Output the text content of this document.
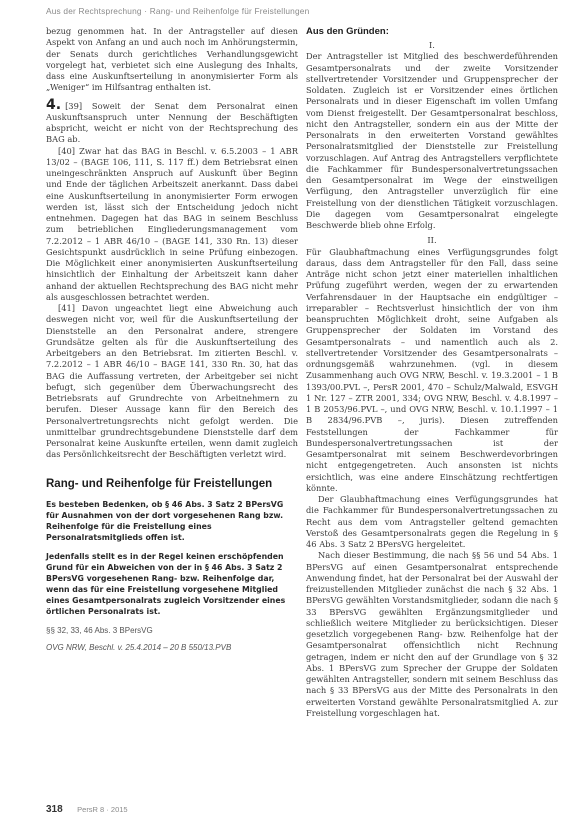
Aus der Rechtsprechung · Rang- und Reihenfolge für Freistellungen

bezug genommen hat. In der Antragsteller auf diesen Aspekt von Anfang an und auch noch im Anhörungstermin, der Senats durch gerichtliches Verhandlungsgewicht vorgelegt hat, verbietet sich eine Auslegung des Inhalts, dass eine Auskunftserteilung in anonymisierter Form als „Weniger“ im Hilfsantrag enthalten ist.

4. [39] Soweit der Senat dem Personalrat einen Auskunftsanspruch unter Nennung der Beschäftigten abspricht, weicht er nicht von der Rechtsprechung des BAG ab.

[40] Zwar hat das BAG in Beschl. v. 6.5.2003 – 1 ABR 13/02 – (BAGE 106, 111, S. 117 ff.) dem Betriebsrat einen uneingeschränkten Anspruch auf Auskunft über Beginn und Ende der täglichen Arbeitszeit anerkannt. Dass dabei eine Auskunftserteilung in anonymisierter Form erwogen werden ist, lässt sich der Entscheidung jedoch nicht entnehmen. Dagegen hat das BAG in seinem Beschluss zum betrieblichen Eingliederungsmanagement vom 7.2.2012 – 1 ABR 46/10 – (BAGE 141, 330 Rn. 13) dieser Gesichtspunkt ausdrücklich in seine Prüfung einbezogen. Die Möglichkeit einer anonymisierten Auskunftserteilung hinsichtlich der Einhaltung der Arbeitszeit kann daher anhand der aktuellen Rechtsprechung des BAG nicht mehr als ausgeschlossen betrachtet werden.

[41] Davon ungeachtet liegt eine Abweichung auch deswegen nicht vor, weil für die Auskunftserteilung der Dienststelle an den Personalrat andere, strengere Grundsätze gelten als für die Auskunftserteilung des Arbeitgebers an den Betriebsrat. Im zitierten Beschl. v. 7.2.2012 – 1 ABR 46/10 – BAGE 141, 330 Rn. 30, hat das BAG die Auffassung vertreten, der Arbeitgeber sei nicht befugt, sich gegenüber dem Überwachungsrecht des Betriebsrats auf Grundrechte von Arbeitnehmern zu berufen. Dieser Aussage kann für den Bereich des Personalvertretungsrechts nicht gefolgt werden. Die unmittelbar grundrechtsgebundene Dienststelle darf dem Personalrat keine Auskunfte erteilen, wenn damit zugleich das Persönlichkeitsrecht der Beschäftigten verletzt wird.

Rang- und Reihenfolge für Freistellungen

Es besteben Bedenken, ob § 46 Abs. 3 Satz 2 BPersVG für Ausnahmen von der dort vorgesehenen Rang bzw. Reihenfolge für die Freistellung eines Personalratsmitglieds offen ist.

Jedenfalls stellt es in der Regel keinen erschöpfenden Grund für ein Abweichen von der in § 46 Abs. 3 Satz 2 BPersVG vorgesehenen Rang- bzw. Reihenfolge dar, wenn das für eine Freistellung vorgesehene Mitglied eines Gesamtpersonalrats zugleich Vorsitzender eines örtlichen Personalrats ist.

§§ 32, 33, 46 Abs. 3 BPersVG

OVG NRW, Beschl. v. 25.4.2014 – 20 B 550/13.PVB

Aus den Gründen:

I.

Der Antragsteller ist Mitglied des beschwerdeführenden Gesamtpersonalrats und der zweite Vorsitzender stellvertretender Vorsitzender und Gruppensprecher der Soldaten. Zugleich ist er Vorsitzender eines örtlichen Personalrats und in dieser Eigenschaft im vollen Umfang vom Dienst freigestellt. Der Gesamtpersonalrat beschloss, nicht den Antragsteller, sondern ein aus der Mitte der Personalrats in den erweiterten Vorstand gewähltes Personalratsmitglied der Dienststelle zur Freistellung vorzuschlagen. Auf Antrag des Antragstellers verpflichtete die Fachkammer für Bundespersonalvertretungssachen den Gesamtpersonalrat im Wege der einstweiligen Verfügung, den Antragsteller unverzüglich für eine Freistellung von der dienstlichen Tätigkeit vorzuschlagen. Die dagegen vom Gesamtpersonalrat eingelegte Beschwerde blieb ohne Erfolg.

II.

Für Glaubhaftmachung eines Verfügungsgrundes folgt daraus, dass dem Antragsteller für den Fall, dass seine Anträge nicht schon jetzt einer materiellen inhaltlichen Prüfung zugeführt werden, wegen der zu erwartenden Verfahrensdauer in der Hauptsache ein endgültiger – irreparabler – Rechtsverlust hinsichtlich der von ihm beanspruchten Möglichkeit droht, seine Aufgaben als Gruppensprecher der Soldaten im Vorstand des Gesamtpersonalrats – und namentlich auch als 2. stellvertretender Vorsitzender des Gesamtpersonalrats – ordnungsgemäß wahrzunehmen. (vgl. in diesem Zusammenhang auch OVG NRW, Beschl. v. 19.3.2001 – 1 B 1393/00.PVL –, PersR 2001, 470 – Schulz/Malwald, ESVGH 1 Nr. 127 – ZTR 2001, 334; OVG NRW, Beschl. v. 4.8.1997 – 1 B 2053/96.PVL –, und OVG NRW, Beschl. v. 10.1.1997 – 1 B 2834/96.PVB –, juris). Diesen zutreffenden Feststellungen der Fachkammer für Bundespersonalvertretungssachen ist der Gesamtpersonalrat mit seinem Beschwerdevorbringen nicht entgegengetreten. Auch ansonsten ist nichts ersichtlich, was eine andere Einschätzung rechtfertigen könnte.

Der Glaubhaftmachung eines Verfügungsgrundes hat die Fachkammer für Bundespersonalvertretungssachen zu Recht aus dem vom Antragsteller geltend gemachten Verstoß des Gesamtpersonalrats gegen die Regelung in § 46 Abs. 3 Satz 2 BPersVG hergeleitet.

Nach dieser Bestimmung, die nach §§ 56 und 54 Abs. 1 BPersVG auf einen Gesamtpersonalrat entsprechende Anwendung findet, hat der Personalrat bei der Auswahl der freizustellenden Mitglieder zunächst die nach § 32 Abs. 1 BPersVG gewählten Vorstandsmitglieder, sodann die nach § 33 BPersVG gewählten Ergänzungsmitglieder und schließlich weitere Mitglieder zu berücksichtigen. Dieser gesetzlich vorgegebenen Rang- bzw. Reihenfolge hat der Gesamtpersonalrat offensichtlich nicht Rechnung getragen, indem er nicht den auf der Grundlage von § 32 Abs. 1 BPersVG zum Sprecher der Gruppe der Soldaten gewählten Antragsteller, sondern mit seinem Beschluss das nach § 33 BPersVG aus der Mitte des Personalrats in den erweiterten Vorstand gewählte Personalratsmitglied A. zur Freistellung vorgeschlagen hat.

318 PersR 8 · 2015
